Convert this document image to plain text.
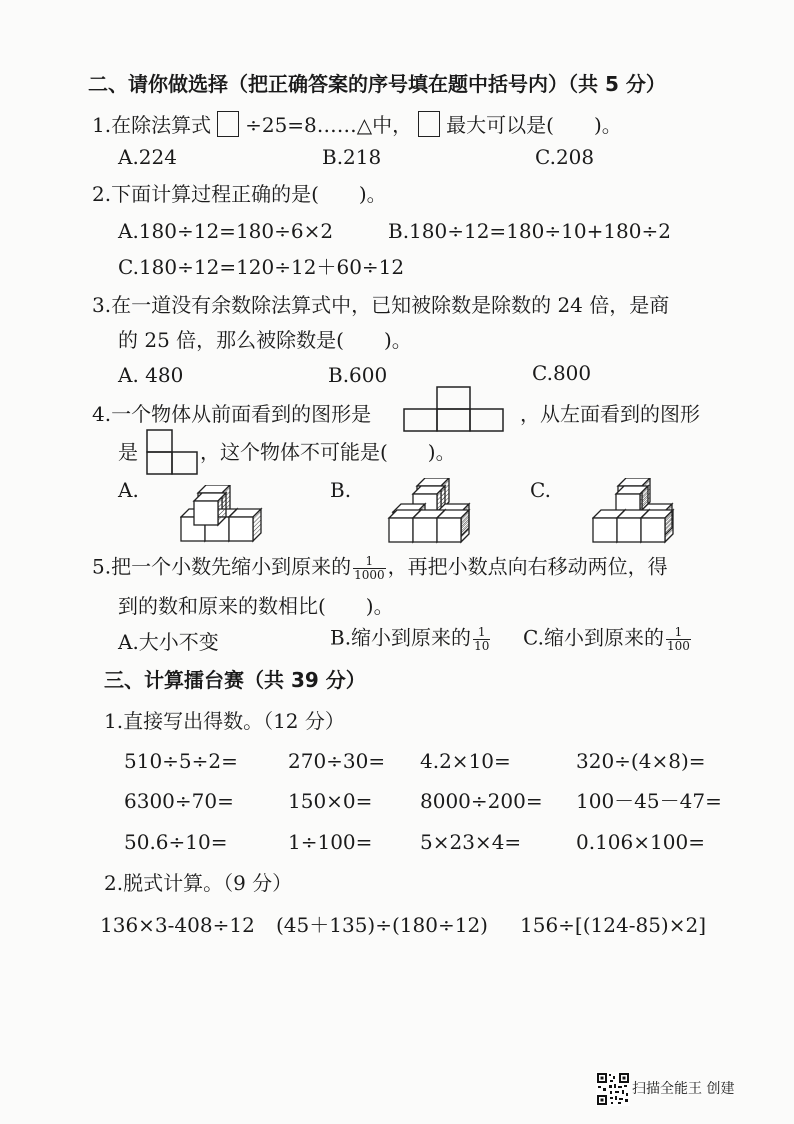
二、请你做选择（把正确答案的序号填在题中括号内）（共 5 分）
1.在除法算式 ÷25=8……△中， 最大可以是(　　)。
A.224	B.218	C.208
2.下面计算过程正确的是(　　)。
A.180÷12=180÷6×2	B.180÷12=180÷10+180÷2
C.180÷12=120÷12＋60÷12
3.在一道没有余数除法算式中，已知被除数是除数的 24 倍，是商
的 25 倍，那么被除数是(　　)。
A. 480	B.600	C.800
4.一个物体从前面看到的图形是	，从左面看到的图形
是	，这个物体不可能是(　　)。
A.	B.	C.
5.把一个小数先缩小到原来的 $\frac{1}{1000}$ ，再把小数点向右移动两位，得
到的数和原来的数相比(　　)。
A.大小不变	B.缩小到原来的 $\frac{1}{10} C$.缩小到原来的 $\frac{1}{100}$
三、计算擂台赛（共 39 分）
1.直接写出得数。（12 分）
510÷5÷2=	270÷30= 4.2×10=	320÷(4×8)=
6300÷70=	150×0= 8000÷200= 100－45－47=
50.6÷10=	1÷100= 5×23×4=	0.106×100=
2.脱式计算。（9 分）
136×3-408÷12 (45＋135)÷(180÷12) 156÷[(124-85)×2]
扫描全能王 创建
